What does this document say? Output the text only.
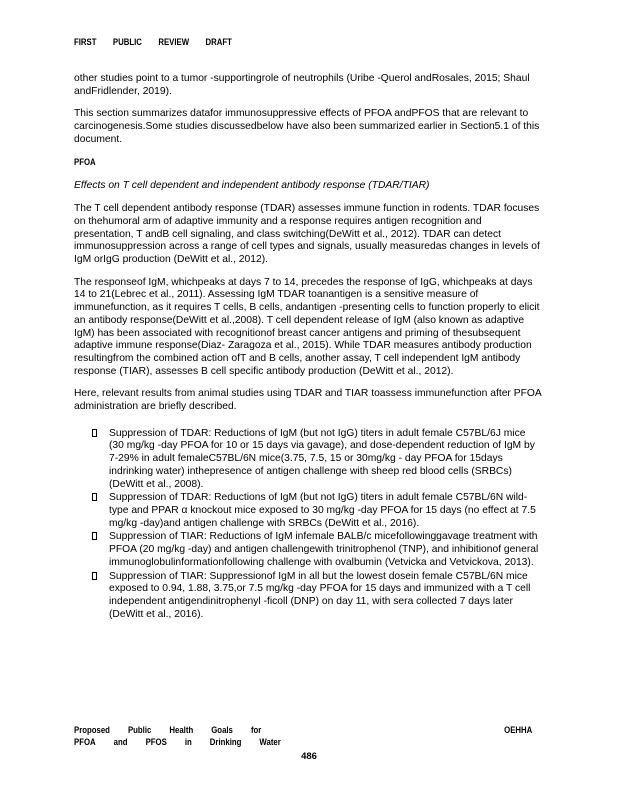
FIRST PUBLIC REVIEW DRAFT

other studies point to a tumor -supportingrole of neutrophils (Uribe -Querol andRosales, 2015; Shaul andFridlender, 2019).

This section summarizes datafor immunosuppressive effects of PFOA andPFOS that are relevant to carcinogenesis.Some studies discussedbelow have also been summarized earlier in Section5.1 of this document.

PFOA

Effects on T cell dependent and independent antibody response (TDAR/TIAR)

The T cell dependent antibody response (TDAR) assesses immune function in rodents. TDAR focuses on thehumoral arm of adaptive immunity and a response requires antigen recognition and presentation, T andB cell signaling, and class switching(DeWitt et al., 2012). TDAR can detect immunosuppression across a range of cell types and signals, usually measuredas changes in levels of IgM orIgG production (DeWitt et al., 2012).

The responseof IgM, whichpeaks at days 7 to 14, precedes the response of IgG, whichpeaks at days 14 to 21(Lebrec et al., 2011). Assessing IgM TDAR toanantigen is a sensitive measure of immunefunction, as it requires T cells, B cells, andantigen -presenting cells to function properly to elicit an antibody response(DeWitt et al.,2008). T cell dependent release of IgM (also known as adaptive IgM) has been associated with recognitionof breast cancer antigens and priming of thesubsequent adaptive immune response(Diaz- Zaragoza et al., 2015). While TDAR measures antibody production resultingfrom the combined action ofT and B cells, another assay, T cell independent IgM antibody response (TIAR), assesses B cell specific antibody production (DeWitt et al., 2012).

Here, relevant results from animal studies using TDAR and TIAR toassess immunefunction after PFOA administration are briefly described.

Suppression of TDAR: Reductions of IgM (but not IgG) titers in adult female C57BL/6J mice (30 mg/kg -day PFOA for 10 or 15 days via gavage), and dose-dependent reduction of IgM by 7-29% in adult femaleC57BL/6N mice(3.75, 7.5, 15 or 30mg/kg - day PFOA for 15days indrinking water) inthepresence of antigen challenge with sheep red blood cells (SRBCs) (DeWitt et al., 2008).
Suppression of TDAR: Reductions of IgM (but not IgG) titers in adult female C57BL/6N wild-type and PPAR α knockout mice exposed to 30 mg/kg -day PFOA for 15 days (no effect at 7.5 mg/kg -day)and antigen challenge with SRBCs (DeWitt et al., 2016).
Suppression of TIAR: Reductions of IgM infemale BALB/c micefollowinggavage treatment with PFOA (20 mg/kg -day) and antigen challengewith trinitrophenol (TNP), and inhibitionof general immunoglobulinformationfollowing challenge with ovalbumin (Vetvicka and Vetvickova, 2013).
Suppression of TIAR: Suppressionof IgM in all but the lowest dosein female C57BL/6N mice exposed to 0.94, 1.88, 3.75,or 7.5 mg/kg -day PFOA for 15 days and immunized with a T cell independent antigendinitrophenyl -ficoll (DNP) on day 11, with sera collected 7 days later (DeWitt et al., 2016).
Proposed Public Health Goals for
PFOA and PFOS in Drinking Water
OEHHA
486
